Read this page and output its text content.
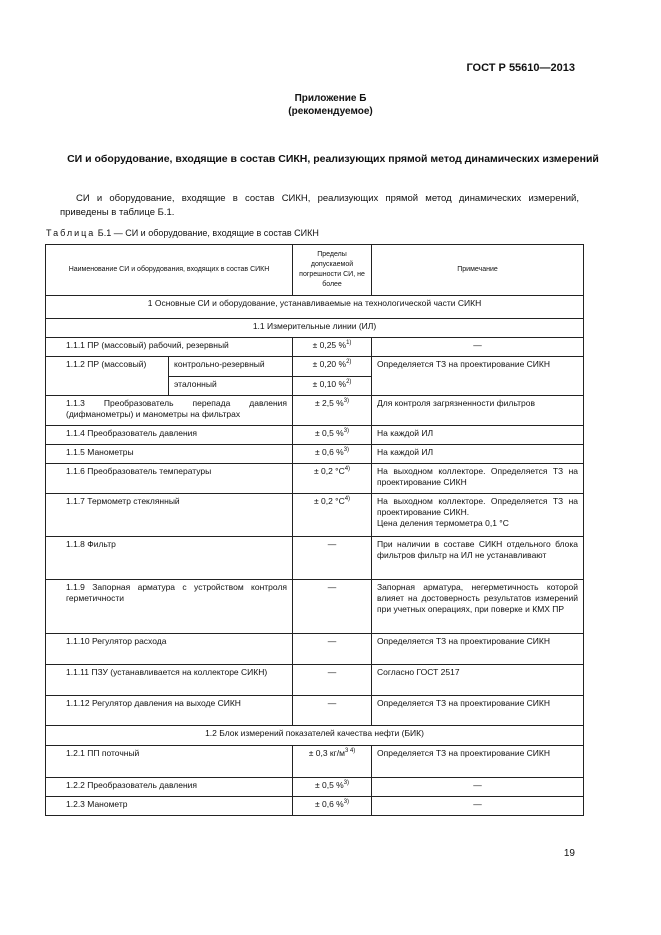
ГОСТ Р 55610—2013
Приложение Б
(рекомендуемое)
СИ и оборудование, входящие в состав СИКН, реализующих прямой метод динамических измерений
СИ и оборудование, входящие в состав СИКН, реализующих прямой метод динамических измерений, приведены в таблице Б.1.
Таблица Б.1 — СИ и оборудование, входящие в состав СИКН
Наименование СИ и оборудования, входящих в состав СИКН		Пределы допускаемой погрешности СИ, не более	Примечание
1 Основные СИ и оборудование, устанавливаемые на технологической части СИКН			
1.1 Измерительные линии (ИЛ)			
1.1.1 ПР (массовый) рабочий, резервный		± 0,25 %$^{1)}$	—
1.1.2 ПР (массовый)	контрольно-резервный	± 0,20 %$^{2)}$	Определяется ТЗ на проектирование СИКН
	эталонный	± 0,10 %$^{2)}$
1.1.3 Преобразователь перепада давления (дифманометры) и манометры на фильтрах		± 2,5 %$^{3)}$	Для контроля загрязненности фильтров
1.1.4 Преобразователь давления		± 0,5 %$^{3)}$	На каждой ИЛ
1.1.5 Манометры		± 0,6 %$^{3)}$	На каждой ИЛ
1.1.6 Преобразователь температуры		± 0,2 $^\circ С^{4)}$	На выходном коллекторе. Определяется ТЗ на проектирование СИКН
1.1.7 Термометр стеклянный		± 0,2 $^\circ С^{4)}$	На выходном коллекторе. Определяется ТЗ на проектирование СИКН.
Цена деления термометра 0,1 °С

1.1.8 Фильтр		—	При наличии в составе СИКН отдельного блока фильтров фильтр на ИЛ не устанавливают
1.1.9 Запорная арматура с устройством контроля герметичности		—	Запорная арматура, негерметичность которой влияет на достоверность результатов измерений при учетных операциях, при поверке и КМХ ПР
1.1.10 Регулятор расхода		—	Определяется ТЗ на проектирование СИКН
1.1.11 ПЗУ (устанавливается на коллекторе СИКН)		—	Согласно ГОСТ 2517
1.1.12 Регулятор давления на выходе СИКН		—	Определяется ТЗ на проектирование СИКН
1.2 Блок измерений показателей качества нефти (БИК)			
1.2.1 ПП поточный		± 0,3 $кг/м^{3 4)}$	Определяется ТЗ на проектирование СИКН
1.2.2 Преобразователь давления		± 0,5 %$^{3)}$	—
1.2.3 Манометр		± 0,6 %$^{3)}$	—
19
